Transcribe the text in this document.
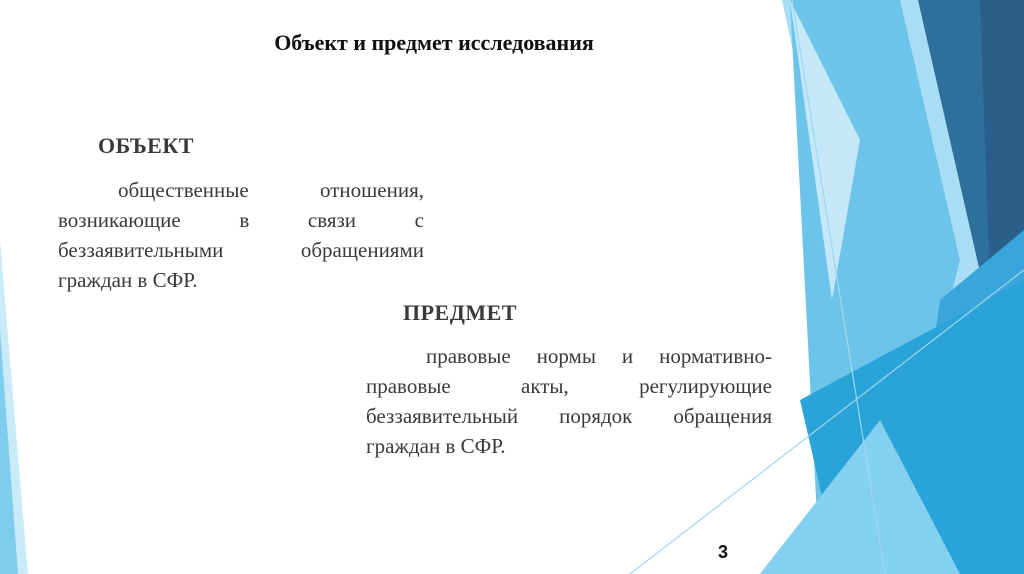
Объект и предмет исследования
ОБЪЕКТ
общественные отношения, возникающие в связи с беззаявительными обращениями граждан в СФР.
ПРЕДМЕТ
правовые нормы и нормативно-правовые акты, регулирующие беззаявительный порядок обращения граждан в СФР.
3
